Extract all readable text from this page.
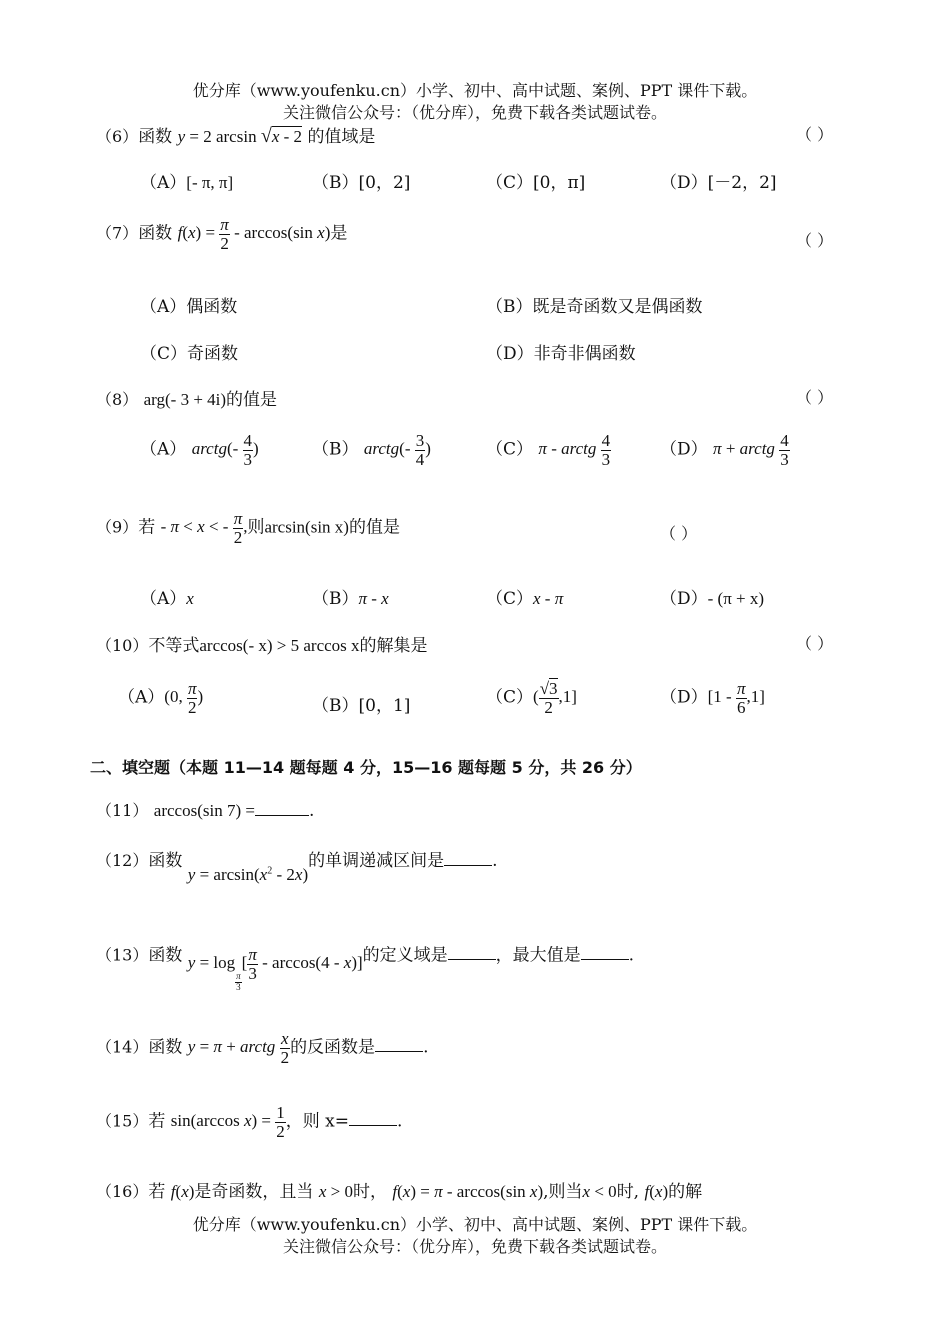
优分库（www.youfenku.cn）小学、初中、高中试题、案例、PPT 课件下载。
关注微信公众号：（优分库），免费下载各类试题试卷。
（6）函数 y = 2 arcsin √x - 2 的值域是	（ ）
（A）[- π, π]	（B）[0，2]	（C）[0，π]	（D）[－2，2]
（7）函数 $f(x) = \frac{\pi}{2} - \arccos(\sin$ x)是	（ ）
（A）偶函数	（B）既是奇函数又是偶函数
（C）奇函数	（D）非奇非偶函数
（8） arg(- 3 + 4i)的值是	（ ）
（A） arctg(- $\frac{4}{3}$ )	（B） arctg(- $\frac{3}{4}$ )	（C） π - arctg $\frac{4}{3}$	（D） π + arctg $\frac{4}{3}$
（9）若 - π < x < - $\frac{\pi}{2}$ ,则arcsin(sin x)的值是	（ ）
（A）x	（B）π - x	（C）x - π	（D）- (π + x)
（10）不等式arccos(- x) > 5 arccos x的解集是	（ ）
（A）(0, $\frac{\pi}{2}$ )	（B）[0，1]	$(C)( \frac{√3}{2} ,1]$	$(D)[1 - \frac{\pi}{6} ,1]$
二、填空题（本题 11—14 题每题 4 分，15—16 题每题 5 分，共 26 分）
（11） arccos(sin 7) =	.
（12）函数 $y = \arcsin(x^2 - 2x)$的单调递减区间是	.
（13）函数 y = log
$_{\frac{\pi}{3}}$
[ $\frac{\pi}{3} - \arccos(4 - x)$]的定义域是	，最大值是	.
（14）函数 y = π + arctg $\frac{x}{2}$ 的反函数是	.
（15）若 sin(arccos $x) = \frac{1}{2}$ ，则 x=	.
（16）若 f(x)是奇函数，且当 x > 0时， f(x) = π - arccos(sin x),则当x < 0时, f(x)的解
优分库（www.youfenku.cn）小学、初中、高中试题、案例、PPT 课件下载。
关注微信公众号：（优分库），免费下载各类试题试卷。
